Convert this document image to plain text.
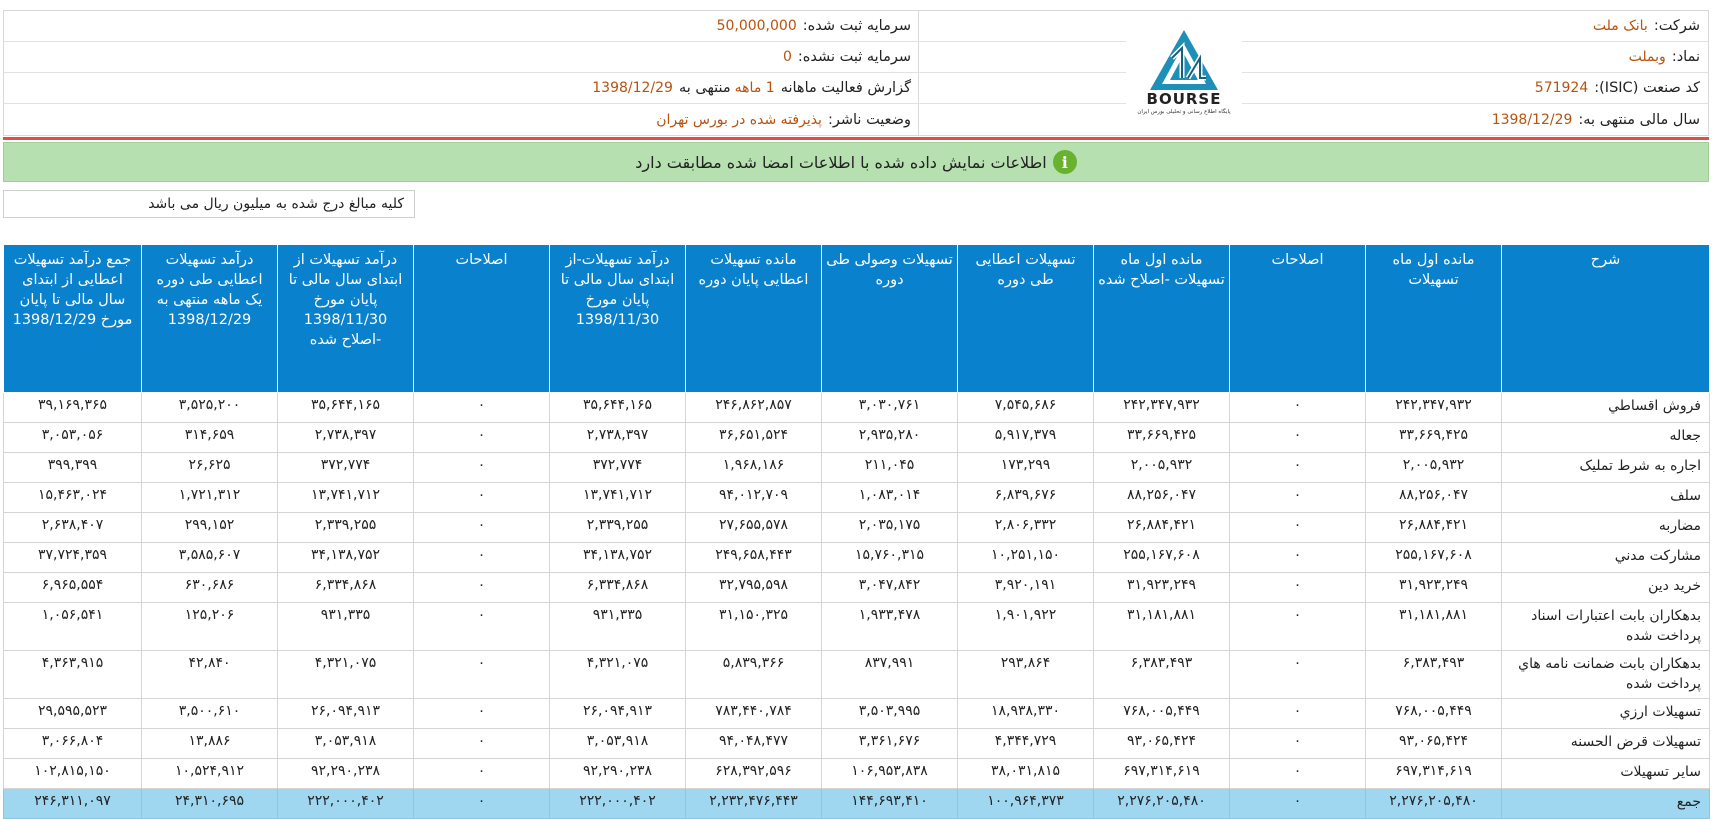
شرکت:
بانک ملت
نماد:
وبملت
کد صنعت (ISIC):
571924
سال مالی منتهی به:
1398/12/29
سرمایه ثبت شده:
50,000,000
سرمایه ثبت نشده:
0
گزارش فعالیت ماهانه
1 ماهه
منتهی به
1398/12/29
وضعیت ناشر:
پذیرفته شده در بورس تهران
BOURSE
پایگاه اطلاع رسانی و تحلیلی بورس ایران
i
اطلاعات نمایش داده شده با اطلاعات امضا شده مطابقت دارد
کلیه مبالغ درج شده به میلیون ریال می باشد
شرح	مانده اول ماه تسهیلات	اصلاحات	مانده اول ماه تسهیلات -اصلاح شده	تسهیلات اعطایی طی دوره	تسهیلات وصولی طی دوره	مانده تسهیلات اعطایی پایان دوره	درآمد تسهیلات-از ابتدای سال مالی تا پایان مورخ 1398/11/30	اصلاحات	درآمد تسهیلات از ابتدای سال مالی تا پایان مورخ 1398/11/30 -اصلاح شده	درآمد تسهیلات اعطایی طی دوره یک ماهه منتهی به 1398/12/29	جمع درآمد تسهیلات اعطایی از ابتدای سال مالی تا پایان مورخ 1398/12/29
فروش اقساطي	۲۴۲,۳۴۷,۹۳۲	۰	۲۴۲,۳۴۷,۹۳۲	۷,۵۴۵,۶۸۶	۳,۰۳۰,۷۶۱	۲۴۶,۸۶۲,۸۵۷	۳۵,۶۴۴,۱۶۵	۰	۳۵,۶۴۴,۱۶۵	۳,۵۲۵,۲۰۰	۳۹,۱۶۹,۳۶۵
جعاله	۳۳,۶۶۹,۴۲۵	۰	۳۳,۶۶۹,۴۲۵	۵,۹۱۷,۳۷۹	۲,۹۳۵,۲۸۰	۳۶,۶۵۱,۵۲۴	۲,۷۳۸,۳۹۷	۰	۲,۷۳۸,۳۹۷	۳۱۴,۶۵۹	۳,۰۵۳,۰۵۶
اجاره به شرط تمليک	۲,۰۰۵,۹۳۲	۰	۲,۰۰۵,۹۳۲	۱۷۳,۲۹۹	۲۱۱,۰۴۵	۱,۹۶۸,۱۸۶	۳۷۲,۷۷۴	۰	۳۷۲,۷۷۴	۲۶,۶۲۵	۳۹۹,۳۹۹
سلف	۸۸,۲۵۶,۰۴۷	۰	۸۸,۲۵۶,۰۴۷	۶,۸۳۹,۶۷۶	۱,۰۸۳,۰۱۴	۹۴,۰۱۲,۷۰۹	۱۳,۷۴۱,۷۱۲	۰	۱۳,۷۴۱,۷۱۲	۱,۷۲۱,۳۱۲	۱۵,۴۶۳,۰۲۴
مضاربه	۲۶,۸۸۴,۴۲۱	۰	۲۶,۸۸۴,۴۲۱	۲,۸۰۶,۳۳۲	۲,۰۳۵,۱۷۵	۲۷,۶۵۵,۵۷۸	۲,۳۳۹,۲۵۵	۰	۲,۳۳۹,۲۵۵	۲۹۹,۱۵۲	۲,۶۳۸,۴۰۷
مشارکت مدني	۲۵۵,۱۶۷,۶۰۸	۰	۲۵۵,۱۶۷,۶۰۸	۱۰,۲۵۱,۱۵۰	۱۵,۷۶۰,۳۱۵	۲۴۹,۶۵۸,۴۴۳	۳۴,۱۳۸,۷۵۲	۰	۳۴,۱۳۸,۷۵۲	۳,۵۸۵,۶۰۷	۳۷,۷۲۴,۳۵۹
خريد دين	۳۱,۹۲۳,۲۴۹	۰	۳۱,۹۲۳,۲۴۹	۳,۹۲۰,۱۹۱	۳,۰۴۷,۸۴۲	۳۲,۷۹۵,۵۹۸	۶,۳۳۴,۸۶۸	۰	۶,۳۳۴,۸۶۸	۶۳۰,۶۸۶	۶,۹۶۵,۵۵۴
بدهکاران بابت اعتبارات اسناد پرداخت شده	۳۱,۱۸۱,۸۸۱	۰	۳۱,۱۸۱,۸۸۱	۱,۹۰۱,۹۲۲	۱,۹۳۳,۴۷۸	۳۱,۱۵۰,۳۲۵	۹۳۱,۳۳۵	۰	۹۳۱,۳۳۵	۱۲۵,۲۰۶	۱,۰۵۶,۵۴۱
بدهکاران بابت ضمانت نامه هاي پرداخت شده	۶,۳۸۳,۴۹۳	۰	۶,۳۸۳,۴۹۳	۲۹۳,۸۶۴	۸۳۷,۹۹۱	۵,۸۳۹,۳۶۶	۴,۳۲۱,۰۷۵	۰	۴,۳۲۱,۰۷۵	۴۲,۸۴۰	۴,۳۶۳,۹۱۵
تسهيلات ارزي	۷۶۸,۰۰۵,۴۴۹	۰	۷۶۸,۰۰۵,۴۴۹	۱۸,۹۳۸,۳۳۰	۳,۵۰۳,۹۹۵	۷۸۳,۴۴۰,۷۸۴	۲۶,۰۹۴,۹۱۳	۰	۲۶,۰۹۴,۹۱۳	۳,۵۰۰,۶۱۰	۲۹,۵۹۵,۵۲۳
تسهيلات قرض الحسنه	۹۳,۰۶۵,۴۲۴	۰	۹۳,۰۶۵,۴۲۴	۴,۳۴۴,۷۲۹	۳,۳۶۱,۶۷۶	۹۴,۰۴۸,۴۷۷	۳,۰۵۳,۹۱۸	۰	۳,۰۵۳,۹۱۸	۱۳,۸۸۶	۳,۰۶۶,۸۰۴
ساير تسهيلات	۶۹۷,۳۱۴,۶۱۹	۰	۶۹۷,۳۱۴,۶۱۹	۳۸,۰۳۱,۸۱۵	۱۰۶,۹۵۳,۸۳۸	۶۲۸,۳۹۲,۵۹۶	۹۲,۲۹۰,۲۳۸	۰	۹۲,۲۹۰,۲۳۸	۱۰,۵۲۴,۹۱۲	۱۰۲,۸۱۵,۱۵۰
جمع	۲,۲۷۶,۲۰۵,۴۸۰	۰	۲,۲۷۶,۲۰۵,۴۸۰	۱۰۰,۹۶۴,۳۷۳	۱۴۴,۶۹۳,۴۱۰	۲,۲۳۲,۴۷۶,۴۴۳	۲۲۲,۰۰۰,۴۰۲	۰	۲۲۲,۰۰۰,۴۰۲	۲۴,۳۱۰,۶۹۵	۲۴۶,۳۱۱,۰۹۷
